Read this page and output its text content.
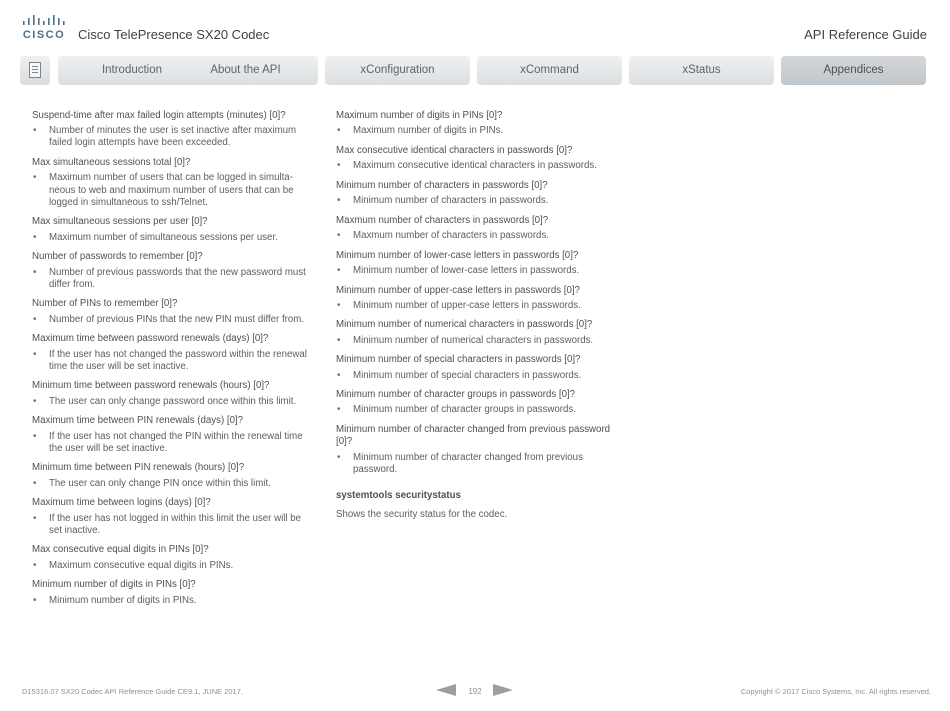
CISCO Cisco TelePresence SX20 Codec	API Reference Guide
Introduction	About the API	xConfiguration	xCommand	xStatus	Appendices
Suspend-time after max failed login attempts (minutes) [0]?
• Number of minutes the user is set inactive after maximum failed login attempts have been exceeded.
Max simultaneous sessions total [0]?
• Maximum number of users that can be logged in simulta-neous to web and maximum number of users that can be logged in simultaneous to ssh/Telnet.
Max simultaneous sessions per user [0]?
• Maximum number of simultaneous sessions per user.
Number of passwords to remember [0]?
• Number of previous passwords that the new password must differ from.
Number of PINs to remember [0]?
• Number of previous PINs that the new PIN must differ from.
Maximum time between password renewals (days) [0]?
• If the user has not changed the password within the renewal time the user will be set inactive.
Minimum time between password renewals (hours) [0]?
• The user can only change password once within this limit.
Maximum time between PIN renewals (days) [0]?
• If the user has not changed the PIN within the renewal time the user will be set inactive.
Minimum time between PIN renewals (hours) [0]?
• The user can only change PIN once within this limit.
Maximum time between logins (days) [0]?
• If the user has not logged in within this limit the user will be set inactive.
Max consecutive equal digits in PINs [0]?
• Maximum consecutive equal digits in PINs.
Minimum number of digits in PINs [0]?
• Minimum number of digits in PINs.
Maximum number of digits in PINs [0]?
• Maximum number of digits in PINs.
Max consecutive identical characters in passwords [0]?
• Maximum consecutive identical characters in passwords.
Minimum number of characters in passwords [0]?
• Minimum number of characters in passwords.
Maxmum number of characters in passwords [0]?
• Maxmum number of characters in passwords.
Minimum number of lower-case letters in passwords [0]?
• Minimum number of lower-case letters in passwords.
Minimum number of upper-case letters in passwords [0]?
• Minimum number of upper-case letters in passwords.
Minimum number of numerical characters in passwords [0]?
• Minimum number of numerical characters in passwords.
Minimum number of special characters in passwords [0]?
• Minimum number of special characters in passwords.
Minimum number of character groups in passwords [0]?
• Minimum number of character groups in passwords.
Minimum number of character changed from previous password [0]?
• Minimum number of character changed from previous password.
systemtools securitystatus
Shows the security status for the codec.
D15316.07 SX20 Codec API Reference Guide CE9.1, JUNE 2017.	192	Copyright © 2017 Cisco Systems, Inc. All rights reserved.
